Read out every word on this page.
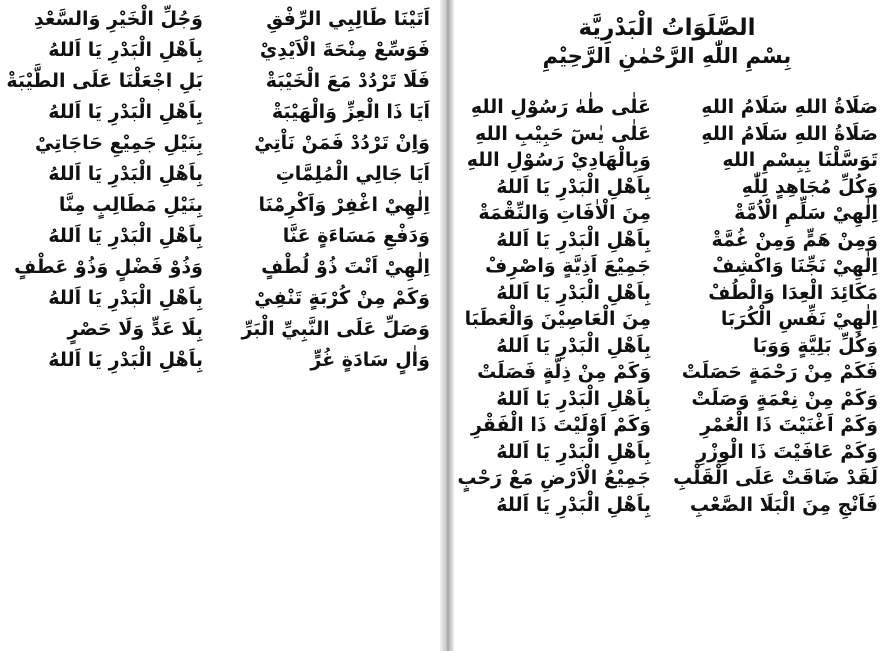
الصَّلَوَاتُ الْبَدْرِيَّة
بِسْمِ اللّٰهِ الرَّحْمٰنِ الرَّحِيْمِ
صَلَاةُ اللهِ سَلَامُ اللهِ
عَلٰى طٰهٰ رَسُوْلِ اللهِ
صَلَاةُ اللهِ سَلَامُ اللهِ
عَلٰى يٰسٓ حَبِيْبِ اللهِ
تَوَسَّلْنَا بِبِسْمِ اللهِ
وَبِالْهَادِيْ رَسُوْلِ اللهِ
وَكُلِّ مُجَاهِدٍ لِلّٰهِ
بِاَهْلِ الْبَدْرِ يَا اَللهُ
اِلٰهِيْ سَلِّمِ الْاُمَّةْ
مِنَ الْاٰفَاتِ وَالنِّقْمَةْ
وَمِنْ هَمٍّ وَمِنْ غُمَّةْ
بِاَهْلِ الْبَدْرِ يَا اَللهُ
اِلٰهِيْ نَجِّنَا وَاكْشِفْ
جَمِيْعَ اَذِيَّةٍ وَاصْرِفْ
مَكَائِدَ الْعِدَا وَالْطُفْ
بِاَهْلِ الْبَدْرِ يَا اَللهُ
اِلٰهِيْ نَفِّسِ الْكُرَبَا
مِنَ الْعَاصِيْنَ وَالْعَطَبَا
وَكُلِّ بَلِيَّةٍ وَوَبَا
بِاَهْلِ الْبَدْرِ يَا اَللهُ
فَكَمْ مِنْ رَحْمَةٍ حَصَلَتْ
وَكَمْ مِنْ ذِلَّةٍ فَصَلَتْ
وَكَمْ مِنْ نِعْمَةٍ وَصَلَتْ
بِاَهْلِ الْبَدْرِ يَا اَللهُ
وَكَمْ اَغْنَيْتَ ذَا الْعُمْرِ
وَكَمْ اَوْلَيْتَ ذَا الْفَقْرِ
وَكَمْ عَافَيْتَ ذَا الْوِزْرِ
بِاَهْلِ الْبَدْرِ يَا اَللهُ
لَقَدْ ضَاقَتْ عَلَى الْقَلْبِ
جَمِيْعُ الْاَرْضِ مَعْ رَحْبٍ
فَاَنْجِ مِنَ الْبَلَا الصَّعْبِ
بِاَهْلِ الْبَدْرِ يَا اَللهُ
اَتَيْنَا طَالِبِي الرِّفْقِ
وَجُلِّ الْخَيْرِ وَالسَّعْدِ
فَوَسِّعْ مِنْحَةَ الْاَيْدِيْ
بِاَهْلِ الْبَدْرِ يَا اَللهُ
فَلَا تَرْدُدْ مَعَ الْخَيْبَةْ
بَلِ اجْعَلْنَا عَلَى الطَّيْبَةْ
اَيَا ذَا الْعِزِّ وَالْهَيْبَةْ
بِاَهْلِ الْبَدْرِ يَا اَللهُ
وَاِنْ تَرْدُدْ فَمَنْ نَاْتِيْ
بِنَيْلِ جَمِيْعِ حَاجَاتِيْ
اَيَا جَالِي الْمُلِمَّاتِ
بِاَهْلِ الْبَدْرِ يَا اَللهُ
اِلٰهِيْ اغْفِرْ وَاَكْرِمْنَا
بِنَيْلِ مَطَالِبٍ مِنَّا
وَدَفْعِ مَسَاءَةٍ عَنَّا
بِاَهْلِ الْبَدْرِ يَا اَللهُ
اِلٰهِيْ اَنْتَ ذُوْ لُطْفٍ
وَذُوْ فَضْلٍ وَذُوْ عَطْفٍ
وَكَمْ مِنْ كُرْبَةٍ تَنْفِيْ
بِاَهْلِ الْبَدْرِ يَا اَللهُ
وَصَلِّ عَلَى النَّبِيِّ الْبَرِّ
بِلَا عَدٍّ وَلَا حَصْرٍ
وَاٰلٍ سَادَةٍ غُرٍّ
بِاَهْلِ الْبَدْرِ يَا اَللهُ
